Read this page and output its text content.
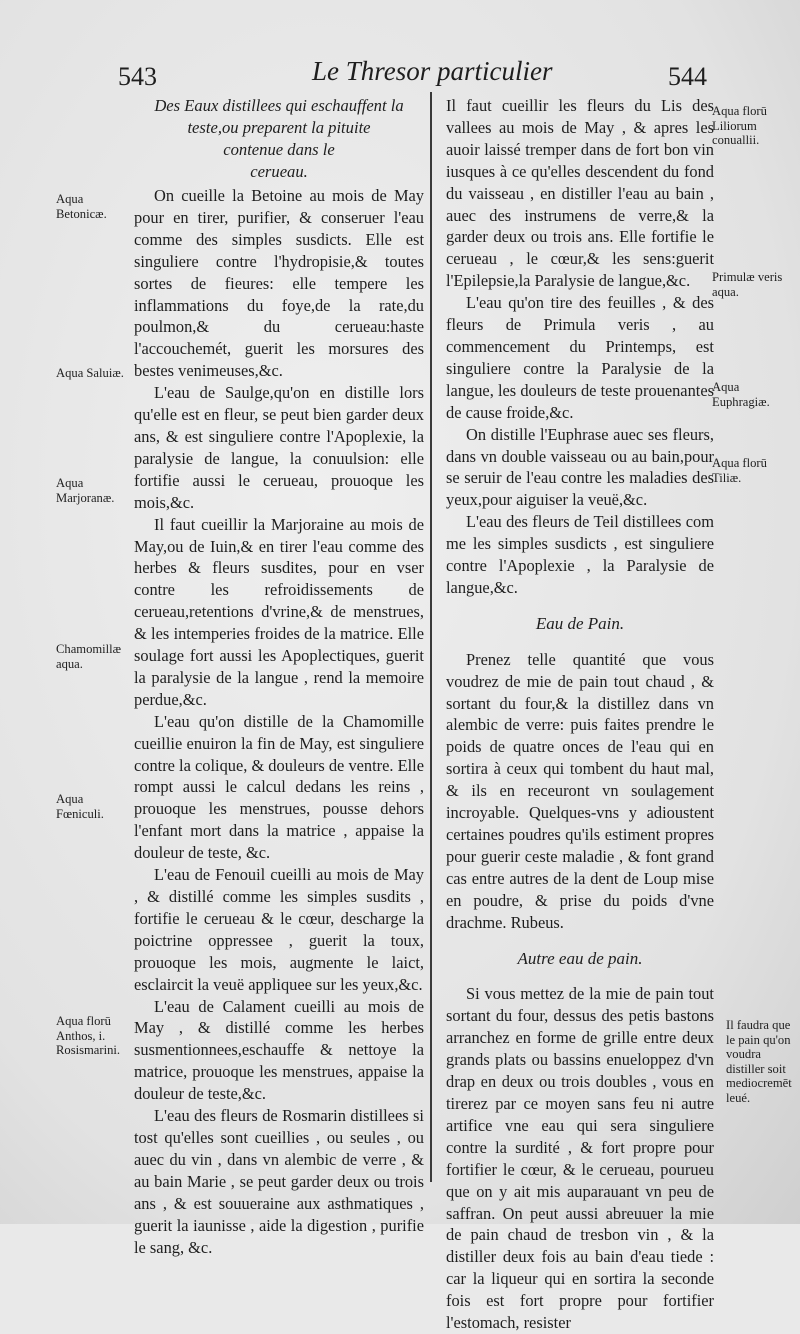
543	Le Thresor particulier	544
Des Eaux distillees qui eschauffent la
teste,ou preparent la pituite
contenue dans le
cerueau.

On cueille la Betoine au mois de May pour en tirer, purifier, & conseruer l'eau comme des simples susdicts. Elle est singuliere contre l'hydropisie,& toutes sortes de fieures: elle tempere les inflammations du foye,de la rate,du poulmon,& du cerueau:haste l'accouchemét, guerit les morsures des bestes venimeuses,&c.

L'eau de Saulge,qu'on en distille lors qu'elle est en fleur, se peut bien garder deux ans, & est singuliere contre l'Apoplexie, la paralysie de langue, la conuulsion: elle fortifie aussi le cerueau, prouoque les mois,&c.

Il faut cueillir la Marjoraine au mois de May,ou de Iuin,& en tirer l'eau comme des herbes & fleurs susdites, pour en vser contre les refroidissements de cerueau,retentions d'vrine,& de menstrues, & les intemperies froides de la matrice. Elle soulage fort aussi les Apoplectiques, guerit la paralysie de la langue , rend la memoire perdue,&c.

L'eau qu'on distille de la Chamomille cueillie enuiron la fin de May, est singuliere contre la colique, & douleurs de ventre. Elle rompt aussi le calcul dedans les reins , prouoque les menstrues, pousse dehors l'enfant mort dans la matrice , appaise la douleur de teste, &c.

L'eau de Fenouil cueilli au mois de May , & distillé comme les simples susdits , fortifie le cerueau & le cœur, descharge la poictrine oppressee , guerit la toux, prouoque les mois, augmente le laict, esclaircit la veuë appliquee sur les yeux,&c.

L'eau de Calament cueilli au mois de May , & distillé comme les herbes susmentionnees,eschauffe & nettoye la matrice, prouoque les menstrues, appaise la douleur de teste,&c.

L'eau des fleurs de Rosmarin distillees si tost qu'elles sont cueillies , ou seules , ou auec du vin , dans vn alembic de verre , & au bain Marie , se peut garder deux ou trois ans , & est souueraine aux asthmatiques , guerit la iaunisse , aide la digestion , purifie le sang, &c.

Aqua Betonicæ.
Aqua Saluiæ.
Aqua Marjoranæ.
Chamomillæ aqua.
Aqua Fœniculi.
Aqua florū Anthos, i. Rosismarini.

Il faut cueillir les fleurs du Lis des vallees au mois de May , & apres les auoir laissé tremper dans de fort bon vin iusques à ce qu'elles descendent du fond du vaisseau , en distiller l'eau au bain , auec des instrumens de verre,& la garder deux ou trois ans. Elle fortifie le cerueau , le cœur,& les sens:guerit l'Epilepsie,la Paralysie de langue,&c.

L'eau qu'on tire des feuilles , & des fleurs de Primula veris , au commencement du Printemps, est singuliere contre la Paralysie de la langue, les douleurs de teste prouenantes de cause froide,&c.

On distille l'Euphrase auec ses fleurs, dans vn double vaisseau ou au bain,pour se seruir de l'eau contre les maladies des yeux,pour aiguiser la veuë,&c.

L'eau des fleurs de Teil distillees com me les simples susdicts , est singuliere contre l'Apoplexie , la Paralysie de langue,&c.

Eau de Pain.

Prenez telle quantité que vous voudrez de mie de pain tout chaud , & sortant du four,& la distillez dans vn alembic de verre: puis faites prendre le poids de quatre onces de l'eau qui en sortira à ceux qui tombent du haut mal, & ils en receuront vn soulagement incroyable. Quelques-vns y adioustent certaines poudres qu'ils estiment propres pour guerir ceste maladie , & font grand cas entre autres de la dent de Loup mise en poudre, & prise du poids d'vne drachme. Rubeus.

Autre eau de pain.

Si vous mettez de la mie de pain tout sortant du four, dessus des petis bastons arranchez en forme de grille entre deux grands plats ou bassins enueloppez d'vn drap en deux ou trois doubles , vous en tirerez par ce moyen sans feu ni autre artifice vne eau qui sera singuliere contre la surdité , & fort propre pour fortifier le cœur, & le cerueau, pourueu que on y ait mis auparauant vn peu de saffran. On peut aussi abreuuer la mie de pain chaud de tresbon vin , & la distiller deux fois au bain d'eau tiede : car la liqueur qui en sortira la seconde fois est fort propre pour fortifier l'estomach, resister

Aqua florū Liliorum conuallii.
Primulæ veris aqua.
Aqua Euphragiæ.
Aqua florū Tiliæ.
Il faudra que le pain qu'on voudra distiller soit mediocremēt leué.
